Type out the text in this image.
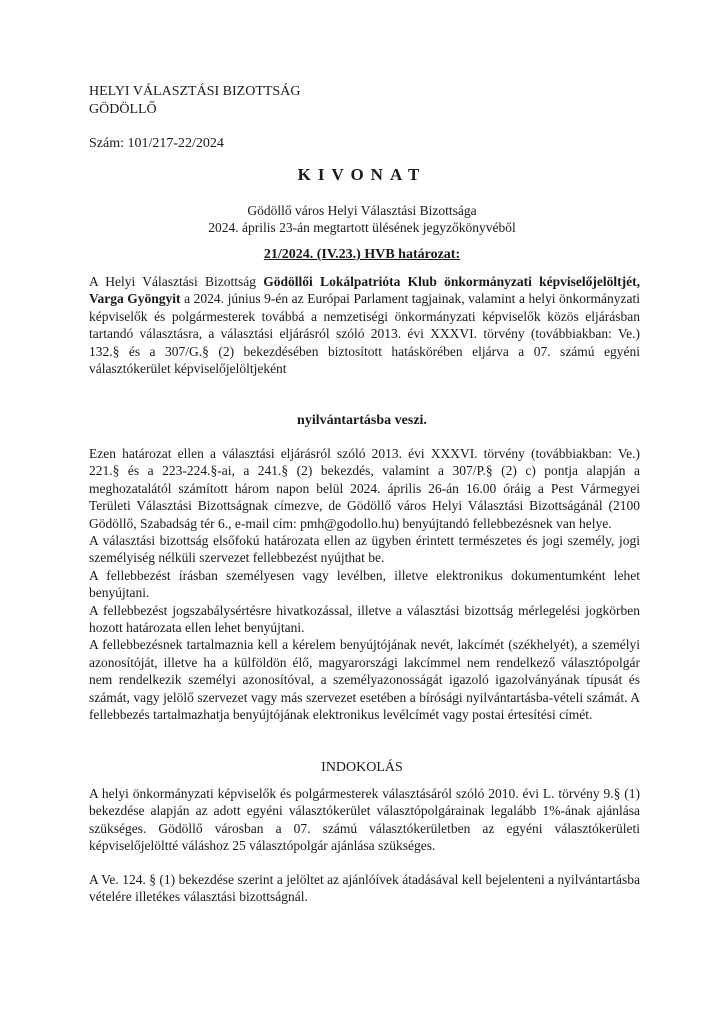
HELYI VÁLASZTÁSI BIZOTTSÁG
GÖDÖLLŐ
Szám: 101/217-22/2024
KIVONAT
Gödöllő város Helyi Választási Bizottsága
2024. április 23-án megtartott ülésének jegyzőkönyvéből
21/2024. (IV.23.) HVB határozat:
A Helyi Választási Bizottság Gödöllői Lokálpatrióta Klub önkormányzati képviselőjelöltjét, Varga Gyöngyit a 2024. június 9-én az Európai Parlament tagjainak, valamint a helyi önkormányzati képviselők és polgármesterek továbbá a nemzetiségi önkormányzati képviselők közös eljárásban tartandó választásra, a választási eljárásról szóló 2013. évi XXXVI. törvény (továbbiakban: Ve.) 132.§ és a 307/G.§ (2) bekezdésében biztosított hatáskörében eljárva a 07. számú egyéni választókerület képviselőjelöltjeként
nyilvántartásba veszi.

Ezen határozat ellen a választási eljárásról szóló 2013. évi XXXVI. törvény (továbbiakban: Ve.) 221.§ és a 223-224.§-ai, a 241.§ (2) bekezdés, valamint a 307/P.§ (2) c) pontja alapján a meghozatalától számított három napon belül 2024. április 26-án 16.00 óráig a Pest Vármegyei Területi Választási Bizottságnak címezve, de Gödöllő város Helyi Választási Bizottságánál (2100 Gödöllő, Szabadság tér 6., e-mail cím: pmh@godollo.hu) benyújtandó fellebbezésnek van helye.

A választási bizottság elsőfokú határozata ellen az ügyben érintett természetes és jogi személy, jogi személyiség nélküli szervezet fellebbezést nyújthat be.

A fellebbezést írásban személyesen vagy levélben, illetve elektronikus dokumentumként lehet benyújtani.

A fellebbezést jogszabálysértésre hivatkozással, illetve a választási bizottság mérlegelési jogkörben hozott határozata ellen lehet benyújtani.

A fellebbezésnek tartalmaznia kell a kérelem benyújtójának nevét, lakcímét (székhelyét), a személyi azonosítóját, illetve ha a külföldön élő, magyarországi lakcímmel nem rendelkező választópolgár nem rendelkezik személyi azonosítóval, a személyazonosságát igazoló igazolványának típusát és számát, vagy jelölő szervezet vagy más szervezet esetében a bírósági nyilvántartásba-vételi számát. A fellebbezés tartalmazhatja benyújtójának elektronikus levélcímét vagy postai értesítési címét.

INDOKOLÁS
A helyi önkormányzati képviselők és polgármesterek választásáról szóló 2010. évi L. törvény 9.§ (1) bekezdése alapján az adott egyéni választókerület választópolgárainak legalább 1%-ának ajánlása szükséges. Gödöllő városban a 07. számú választókerületben az egyéni választókerületi képviselőjelöltté váláshoz 25 választópolgár ajánlása szükséges.
A Ve. 124. § (1) bekezdése szerint a jelöltet az ajánlóívek átadásával kell bejelenteni a nyilvántartásba vételére illetékes választási bizottságnál.
